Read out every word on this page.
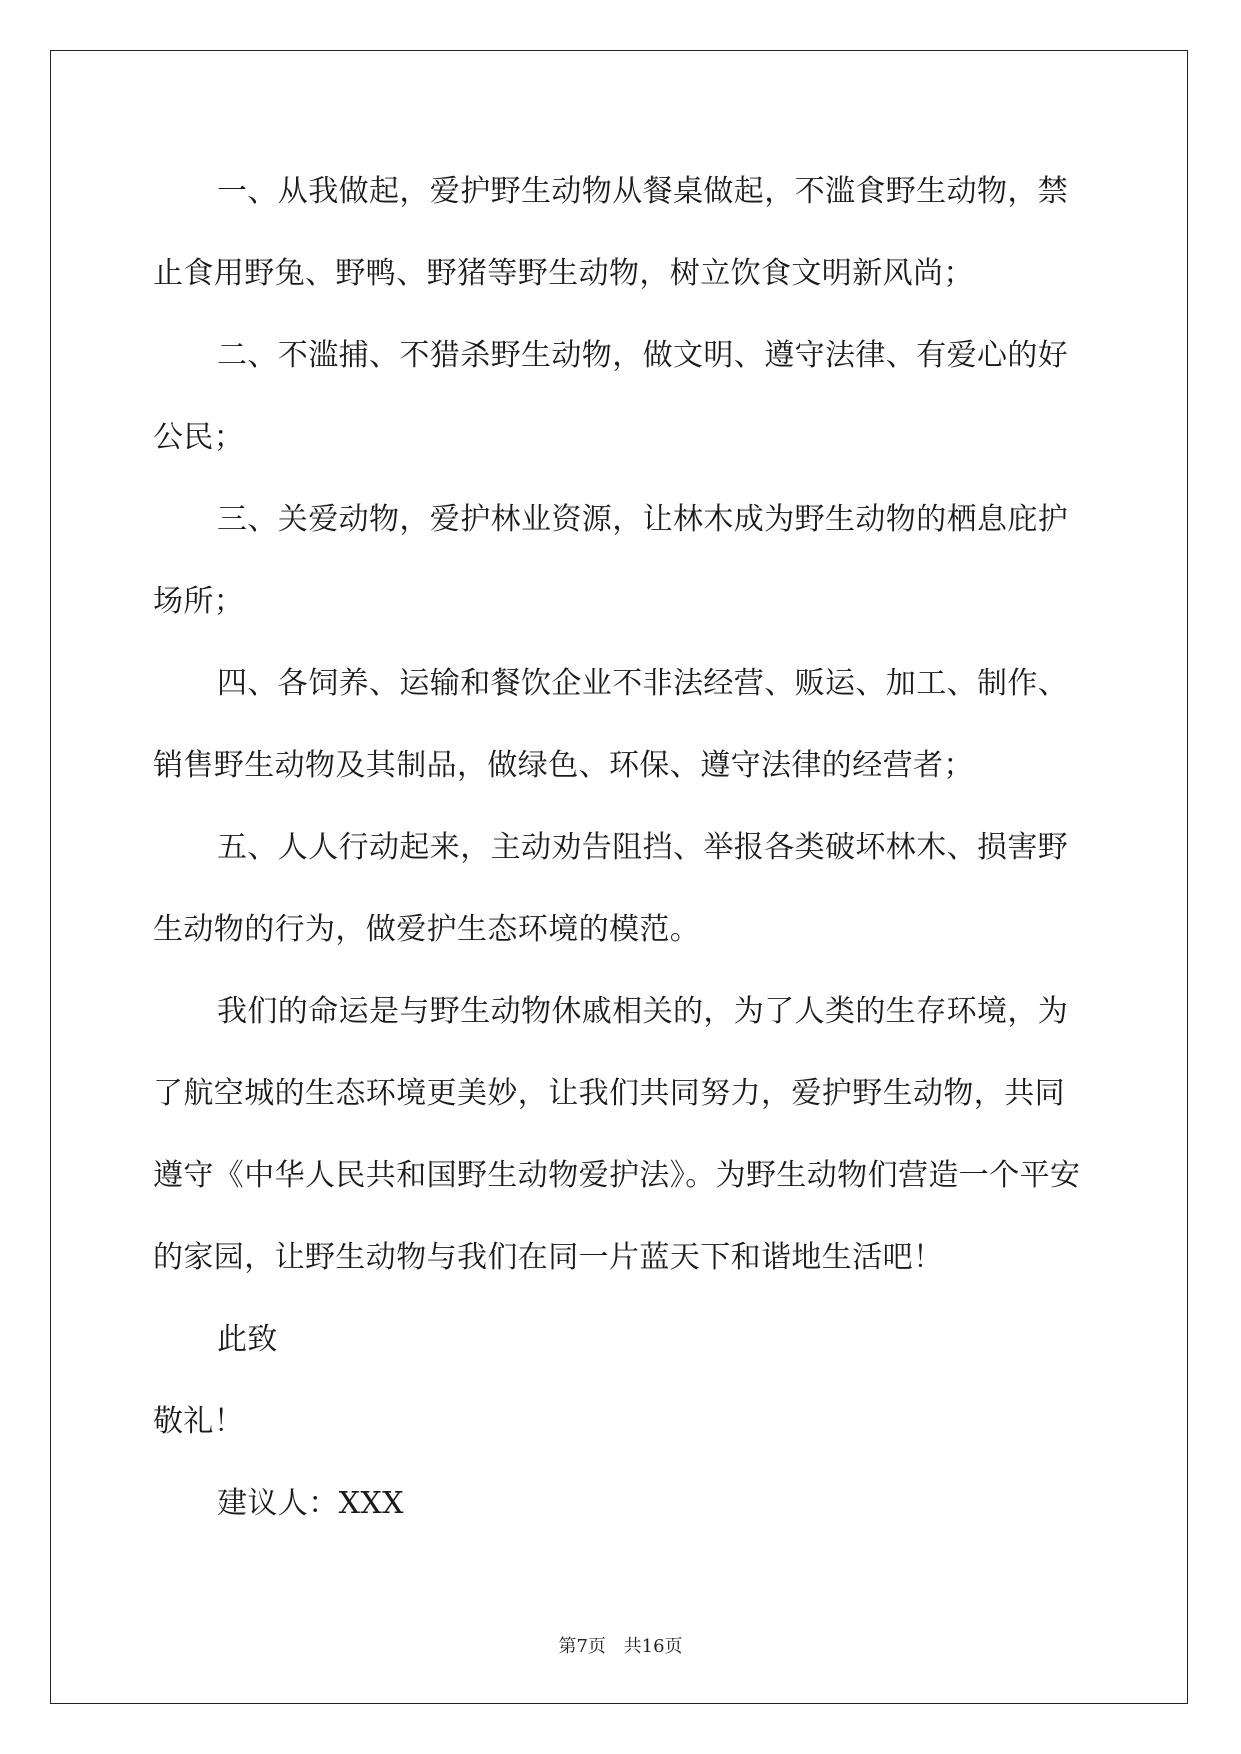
一、从我做起，爱护野生动物从餐桌做起，不滥食野生动物，禁
止食用野兔、野鸭、野猪等野生动物，树立饮食文明新风尚；
二、不滥捕、不猎杀野生动物，做文明、遵守法律、有爱心的好
公民；
三、关爱动物，爱护林业资源，让林木成为野生动物的栖息庇护
场所；
四、各饲养、运输和餐饮企业不非法经营、贩运、加工、制作、
销售野生动物及其制品，做绿色、环保、遵守法律的经营者；
五、人人行动起来，主动劝告阻挡、举报各类破坏林木、损害野
生动物的行为，做爱护生态环境的模范。
我们的命运是与野生动物休戚相关的，为了人类的生存环境，为
了航空城的生态环境更美妙，让我们共同努力，爱护野生动物，共同
遵守《中华人民共和国野生动物爱护法》。为野生动物们营造一个平安
的家园，让野生动物与我们在同一片蓝天下和谐地生活吧！
此致
敬礼！
建议人：XXX
第7页 共16页
